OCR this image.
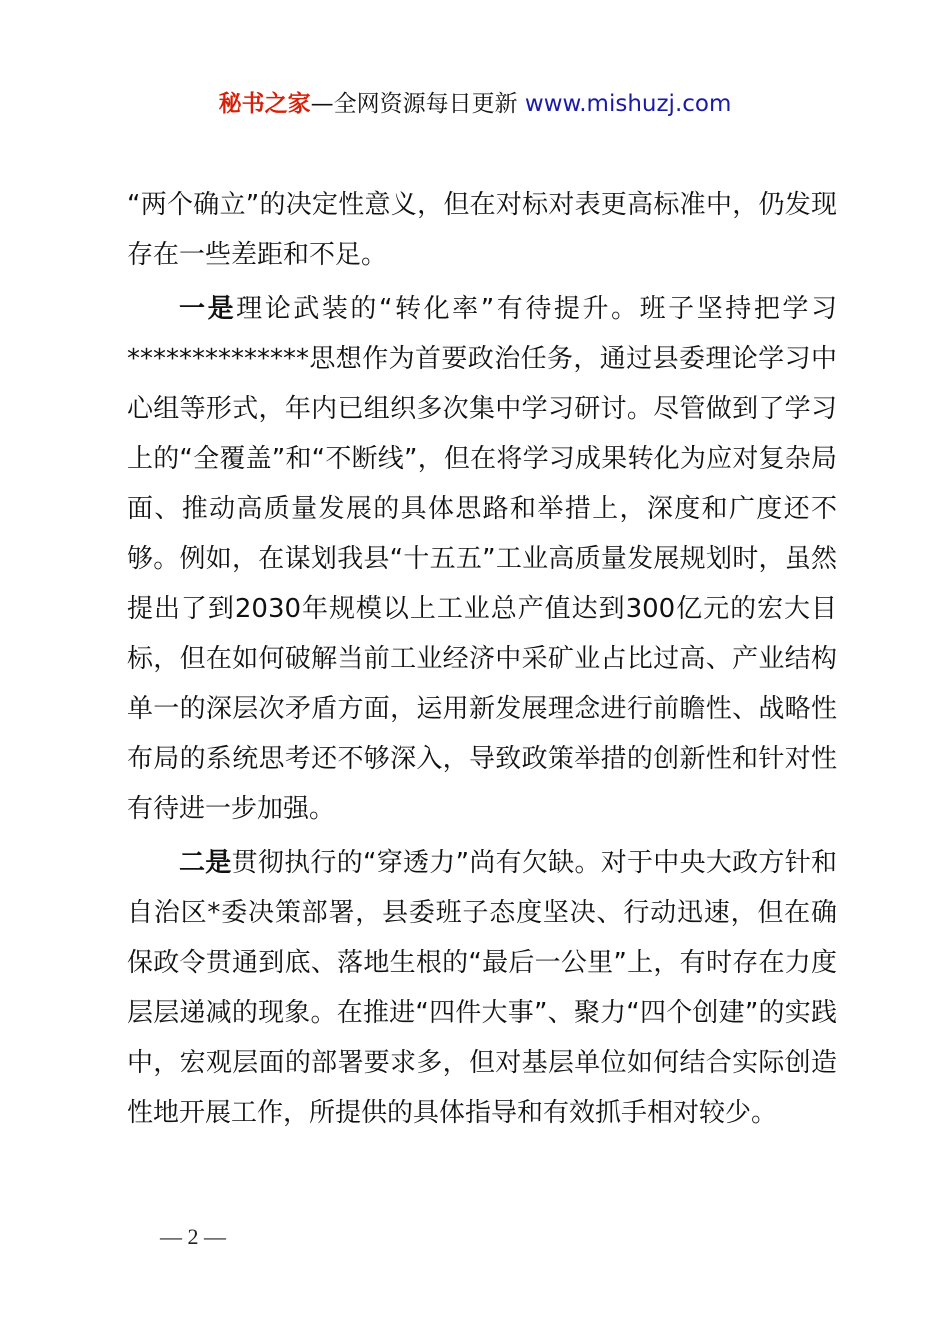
秘书之家—全网资源每日更新 www.mishuzj.com

“两个确立”的决定性意义，但在对标对表更高标准中，仍发现存在一些差距和不足。

一是理论武装的“转化率”有待提升。班子坚持把学习**************思想作为首要政治任务，通过县委理论学习中心组等形式，年内已组织多次集中学习研讨。尽管做到了学习上的“全覆盖”和“不断线”，但在将学习成果转化为应对复杂局面、推动高质量发展的具体思路和举措上，深度和广度还不够。例如，在谋划我县“十五五”工业高质量发展规划时，虽然提出了到2030年规模以上工业总产值达到300亿元的宏大目标，但在如何破解当前工业经济中采矿业占比过高、产业结构单一的深层次矛盾方面，运用新发展理念进行前瞻性、战略性布局的系统思考还不够深入，导致政策举措的创新性和针对性有待进一步加强。

二是贯彻执行的“穿透力”尚有欠缺。对于中央大政方针和自治区*委决策部署，县委班子态度坚决、行动迅速，但在确保政令贯通到底、落地生根的“最后一公里”上，有时存在力度层层递减的现象。在推进“四件大事”、聚力“四个创建”的实践中，宏观层面的部署要求多，但对基层单位如何结合实际创造性地开展工作，所提供的具体指导和有效抓手相对较少。

— 2 —
